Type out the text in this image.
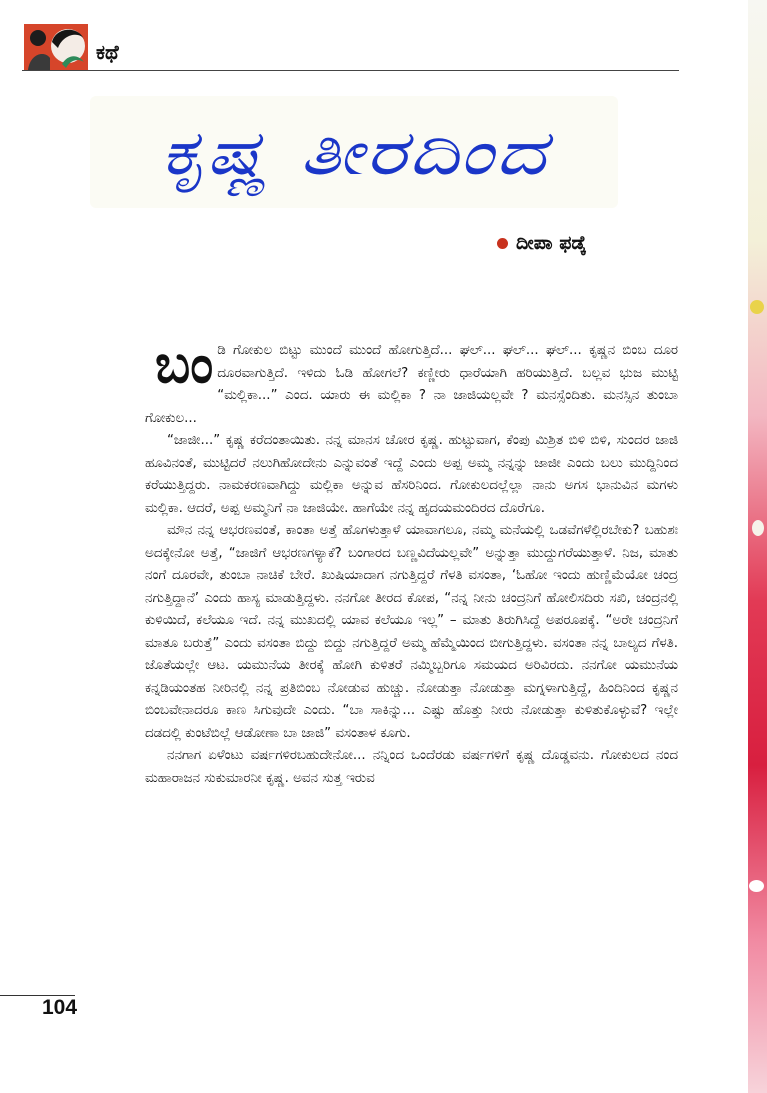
ಕಥೆ
ಕೃಷ್ಣ ತೀರದಿಂದ
ದೀಪಾ ಫಡ್ಕೆ

ಬಂಡಿ ಗೋಕುಲ ಬಿಟ್ಟು ಮುಂದೆ ಮುಂದೆ ಹೋಗುತ್ತಿದೆ... ಘಲ್... ಘಲ್... ಘಲ್... ಕೃಷ್ಣನ ಬಿಂಬ ದೂರ ದೂರವಾಗುತ್ತಿದೆ. ಇಳಿದು ಓಡಿ ಹೋಗಲೆ? ಕಣ್ಣೀರು ಧಾರೆಯಾಗಿ ಹರಿಯುತ್ತಿದೆ. ಬಲ್ಲವ ಭುಜ ಮುಟ್ಟಿ “ಮಲ್ಲಿಕಾ...” ಎಂದ. ಯಾರು ಈ ಮಲ್ಲಿಕಾ ? ನಾ ಜಾಜಿಯಲ್ಲವೇ ? ಮನಸ್ಸೆಂದಿತು. ಮನಸ್ಸಿನ ತುಂಬಾ ಗೋಕುಲ...

“ಜಾಜೀ...” ಕೃಷ್ಣ ಕರೆದಂತಾಯಿತು. ನನ್ನ ಮಾನಸ ಚೋರ ಕೃಷ್ಣ. ಹುಟ್ಟುವಾಗ, ಕೆಂಪು ಮಿಶ್ರಿತ ಬಿಳಿ ಬಿಳಿ, ಸುಂದರ ಜಾಜಿ ಹೂವಿನಂತೆ, ಮುಟ್ಟಿದರೆ ನಲುಗಿಹೋದೇನು ಎನ್ನುವಂತೆ ಇದ್ದೆ ಎಂದು ಅಪ್ಪ ಅಮ್ಮ ನನ್ನನ್ನು ಜಾಜೀ ಎಂದು ಬಲು ಮುದ್ದಿನಿಂದ ಕರೆಯುತ್ತಿದ್ದರು. ನಾಮಕರಣವಾಗಿದ್ದು ಮಲ್ಲಿಕಾ ಅನ್ನುವ ಹೆಸರಿನಿಂದ. ಗೋಕುಲದಲ್ಲೆಲ್ಲಾ ನಾನು ಅಗಸ ಭಾನುವಿನ ಮಗಳು ಮಲ್ಲಿಕಾ. ಆದರೆ, ಅಪ್ಪ ಅಮ್ಮನಿಗೆ ನಾ ಜಾಜಿಯೇ. ಹಾಗೆಯೇ ನನ್ನ ಹೃದಯಮಂದಿರದ ದೊರೆಗೂ.

ಮೌನ ನನ್ನ ಆಭರಣವಂತೆ, ಕಾಂತಾ ಅತ್ತೆ ಹೊಗಳುತ್ತಾಳೆ ಯಾವಾಗಲೂ, ನಮ್ಮ ಮನೆಯಲ್ಲಿ ಒಡವೆಗಳೆಲ್ಲಿರಬೇಕು? ಬಹುಶಃ ಅದಕ್ಕೇನೋ ಅತ್ತೆ, “ಜಾಜಿಗೆ ಆಭರಣಗಳ್ಯಾಕೆ? ಬಂಗಾರದ ಬಣ್ಣವಿದೆಯಲ್ಲವೇ” ಅನ್ನುತ್ತಾ ಮುದ್ದುಗರೆಯುತ್ತಾಳೆ. ನಿಜ, ಮಾತು ನಂಗೆ ದೂರವೇ, ತುಂಬಾ ನಾಚಿಕೆ ಬೇರೆ. ಖುಷಿಯಾದಾಗ ನಗುತ್ತಿದ್ದರೆ ಗೆಳತಿ ವಸಂತಾ, ‘ಓಹೋ ಇಂದು ಹುಣ್ಣಿಮೆಯೋ ಚಂದ್ರ ನಗುತ್ತಿದ್ದಾನೆ’ ಎಂದು ಹಾಸ್ಯ ಮಾಡುತ್ತಿದ್ದಳು. ನನಗೋ ತೀರದ ಕೋಪ, “ನನ್ನ ನೀನು ಚಂದ್ರನಿಗೆ ಹೋಲಿಸದಿರು ಸಖಿ, ಚಂದ್ರನಲ್ಲಿ ಕುಳಿಯಿದೆ, ಕಲೆಯೂ ಇದೆ. ನನ್ನ ಮುಖದಲ್ಲಿ ಯಾವ ಕಲೆಯೂ ಇಲ್ಲ” – ಮಾತು ತಿರುಗಿಸಿದ್ದೆ ಅಪರೂಪಕ್ಕೆ. “ಅರೇ ಚಂದ್ರನಿಗೆ ಮಾತೂ ಬರುತ್ತೆ” ಎಂದು ವಸಂತಾ ಬಿದ್ದು ಬಿದ್ದು ನಗುತ್ತಿದ್ದರೆ ಅಮ್ಮ ಹೆಮ್ಮೆಯಿಂದ ಬೀಗುತ್ತಿದ್ದಳು. ವಸಂತಾ ನನ್ನ ಬಾಲ್ಯದ ಗೆಳತಿ. ಜೊತೆಯಲ್ಲೇ ಆಟ. ಯಮುನೆಯ ತೀರಕ್ಕೆ ಹೋಗಿ ಕುಳಿತರೆ ನಮ್ಮಿಬ್ಬರಿಗೂ ಸಮಯದ ಅರಿವಿರದು. ನನಗೋ ಯಮುನೆಯ ಕನ್ನಡಿಯಂತಹ ನೀರಿನಲ್ಲಿ ನನ್ನ ಪ್ರತಿಬಿಂಬ ನೋಡುವ ಹುಚ್ಚು. ನೋಡುತ್ತಾ ನೋಡುತ್ತಾ ಮಗ್ನಳಾಗುತ್ತಿದ್ದೆ, ಹಿಂದಿನಿಂದ ಕೃಷ್ಣನ ಬಿಂಬವೇನಾದರೂ ಕಾಣ ಸಿಗುವುದೇ ಎಂದು. “ಬಾ ಸಾಕಿನ್ನು... ಎಷ್ಟು ಹೊತ್ತು ನೀರು ನೋಡುತ್ತಾ ಕುಳಿತುಕೊಳ್ಳುವೆ? ಇಲ್ಲೇ ದಡದಲ್ಲಿ ಕುಂಟೆಬಿಲ್ಲೆ ಆಡೋಣಾ ಬಾ ಜಾಜಿ” ವಸಂತಾಳ ಕೂಗು.

ನನಗಾಗ ಏಳೆಂಟು ವರ್ಷಗಳಿರಬಹುದೇನೋ... ನನ್ನಿಂದ ಒಂದೆರಡು ವರ್ಷಗಳಿಗೆ ಕೃಷ್ಣ ದೊಡ್ಡವನು. ಗೋಕುಲದ ನಂದ ಮಹಾರಾಜನ ಸುಕುಮಾರನೀ ಕೃಷ್ಣ. ಅವನ ಸುತ್ತ ಇರುವ

104
